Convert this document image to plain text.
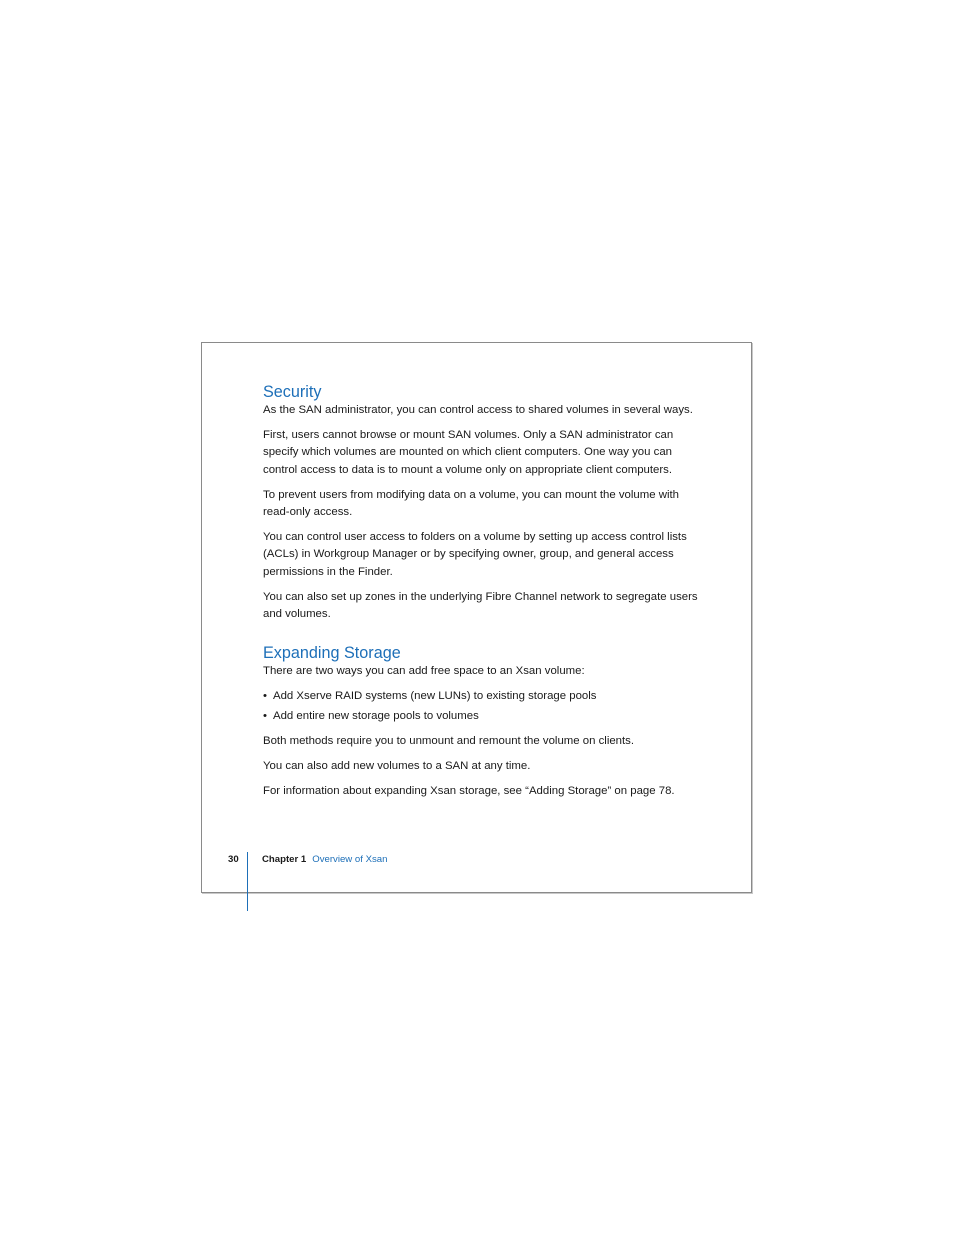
Security

As the SAN administrator, you can control access to shared volumes in several ways.

First, users cannot browse or mount SAN volumes. Only a SAN administrator can specify which volumes are mounted on which client computers. One way you can control access to data is to mount a volume only on appropriate client computers.

To prevent users from modifying data on a volume, you can mount the volume with read-only access.

You can control user access to folders on a volume by setting up access control lists (ACLs) in Workgroup Manager or by specifying owner, group, and general access permissions in the Finder.

You can also set up zones in the underlying Fibre Channel network to segregate users and volumes.

Expanding Storage

There are two ways you can add free space to an Xsan volume:

• Add Xserve RAID systems (new LUNs) to existing storage pools
• Add entire new storage pools to volumes

Both methods require you to unmount and remount the volume on clients.

You can also add new volumes to a SAN at any time.

For information about expanding Xsan storage, see “Adding Storage” on page 78.

30 Chapter 1 Overview of Xsan
